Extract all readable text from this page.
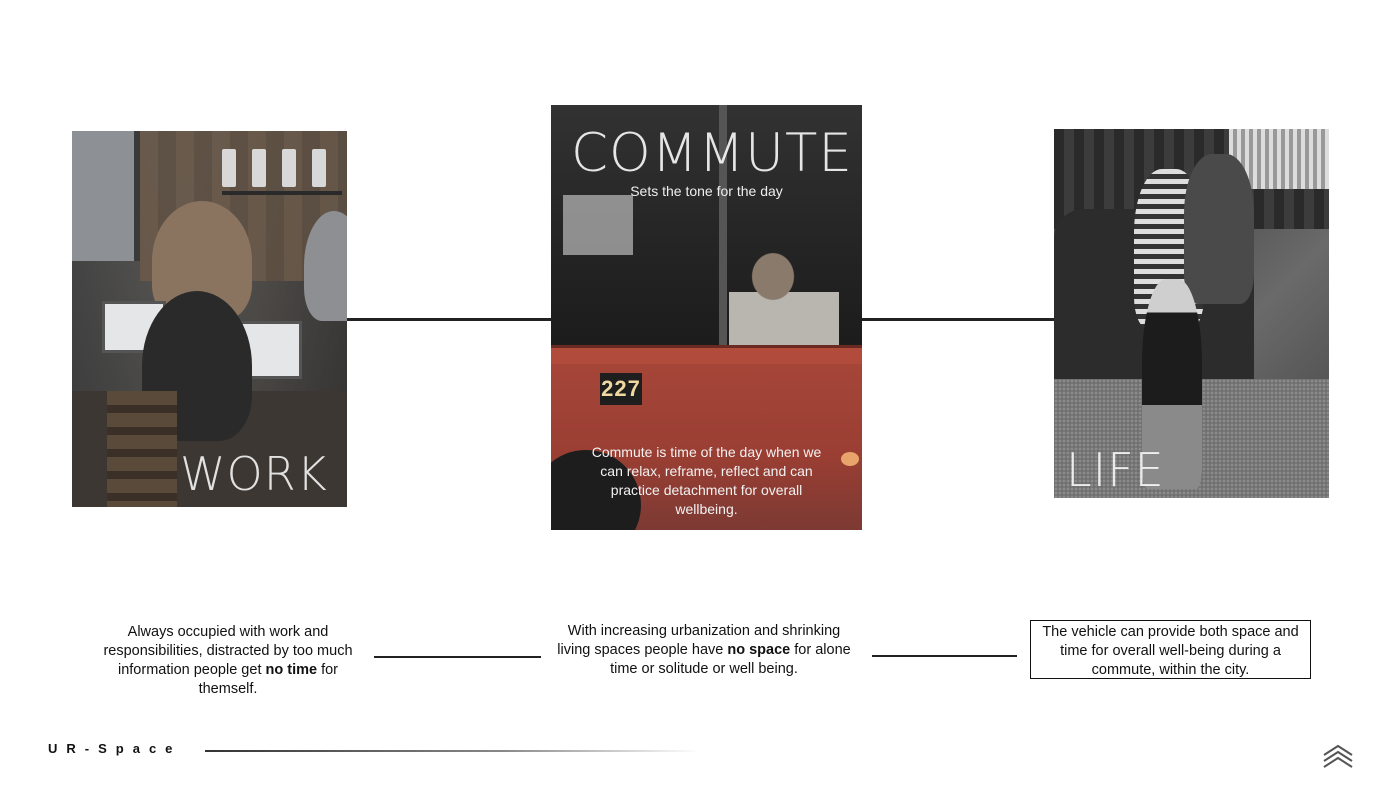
WORK
227
COMMUTE
Sets the tone for the day
Commute is time of the day when we can relax, reframe, reflect and can practice detachment for overall wellbeing.
LIFE
Always occupied with work and responsibilities, distracted by too much information people get no time for themself.
With increasing urbanization and shrinking living spaces people have no space for alone time or solitude or well being.
The vehicle can provide both space and time for overall well-being during a commute, within the city.
UR-Space
